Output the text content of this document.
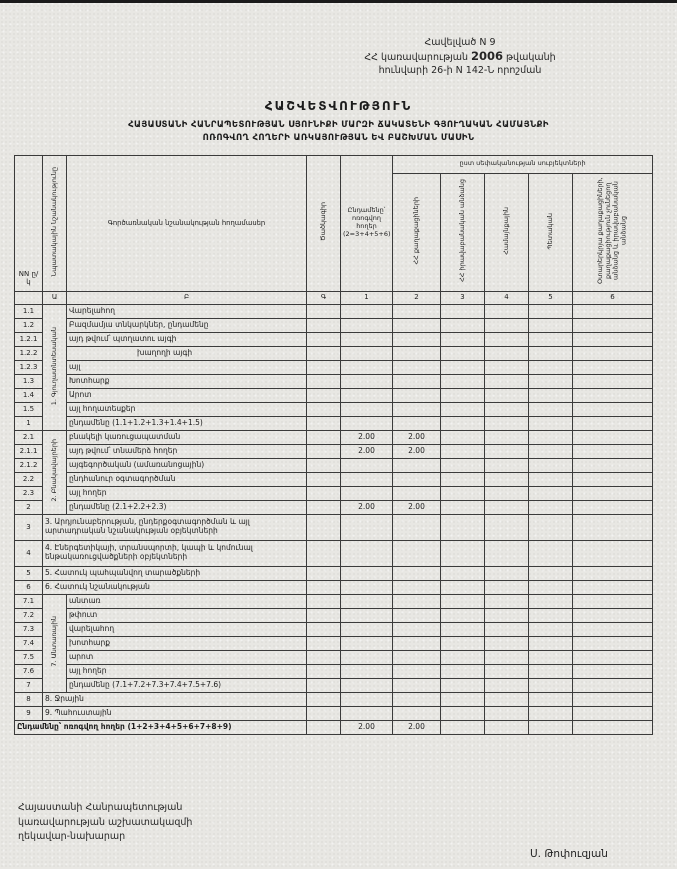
Հավելված N 9
ՀՀ կառավարության 2006 թվականի
հունվարի 26-ի N 142-Ն որոշման
ՀԱՇՎԵՏՎՈՒԹՅՈՒՆ
ՀԱՅԱՍՏԱՆԻ ՀԱՆՐԱՊԵՏՈՒԹՅԱՆ ՍՅՈՒՆԻՔԻ ՄԱՐԶԻ ՃԱԿԱՏԵՆԻ ԳՅՈՒՂԱԿԱՆ ՀԱՄԱՅՆՔԻ
ՈՌՈԳՎՈՂ ՀՈՂԵՐԻ ԱՌԿԱՅՈՒԹՅԱՆ ԵՎ ԲԱՇԽՄԱՆ ՄԱՍԻՆ
NN ը/կ	Նպատակային նշանակությունը	Գործառնական նշանակության հողամասեր	Ծածկագիր	Ընդամենը՝ ոռոգվող հողեր (2=3+4+5+6)	ըստ սեփականության սուբյեկտների				
					ՀՀ քաղաքացիների	ՀՀ իրավաբանական անձանց	Համայնքային	Պետական	Օտարերկրյա քաղաքացիների, քաղաքացիություն չունեցող անձանց և իրավաբանական անձանց
	Ա	Բ	Գ	1	2	3	4	5	6
1.1	1. Գյուղատնտեսական	Վարելահող							
1.2		Բազմամյա տնկարկներ, ընդամենը							
1.2.1		այդ թվում՝ պտղատու այգի							
1.2.2		խաղողի այգի							
1.2.3		այլ							
1.3		Խոտհարք							
1.4		Արոտ							
1.5		այլ հողատեսքեր							
1		ընդամենը (1.1+1.2+1.3+1.4+1.5)							
2.1	2. Բնակավայրերի	բնակելի կառուցապատման		2.00	2.00				
2.1.1		այդ թվում՝ տնամերձ հողեր		2.00	2.00				
2.1.2		այգեգործական (ամառանոցային)							
2.2		ընդհանուր օգտագործման							
2.3		այլ հողեր							
2		ընդամենը (2.1+2.2+2.3)		2.00	2.00				
3	3. Արդյունաբերության, ընդերքօգտագործման և այլ արտադրական նշանակության օբյեկտների								
4	4. Էներգետիկայի, տրանսպորտի, կապի և կոմունալ ենթակառուցվածքների օբյեկտների								
5	5. Հատուկ պահպանվող տարածքների								
6	6. Հատուկ նշանակության								
7.1	7. Անտառային	անտառ							
7.2		թփուտ							
7.3		վարելահող							
7.4		խոտհարք							
7.5		արոտ							
7.6		այլ հողեր							
7		ընդամենը (7.1+7.2+7.3+7.4+7.5+7.6)							
8	8. Ջրային								
9	9. Պահուստային								
Ընդամենը՝ ոռոգվող հողեր (1+2+3+4+5+6+7+8+9)				2.00	2.00				
Հայաստանի Հանրապետության
կառավարության աշխատակազմի
ղեկավար-նախարար
Ս. Թոփուզյան
